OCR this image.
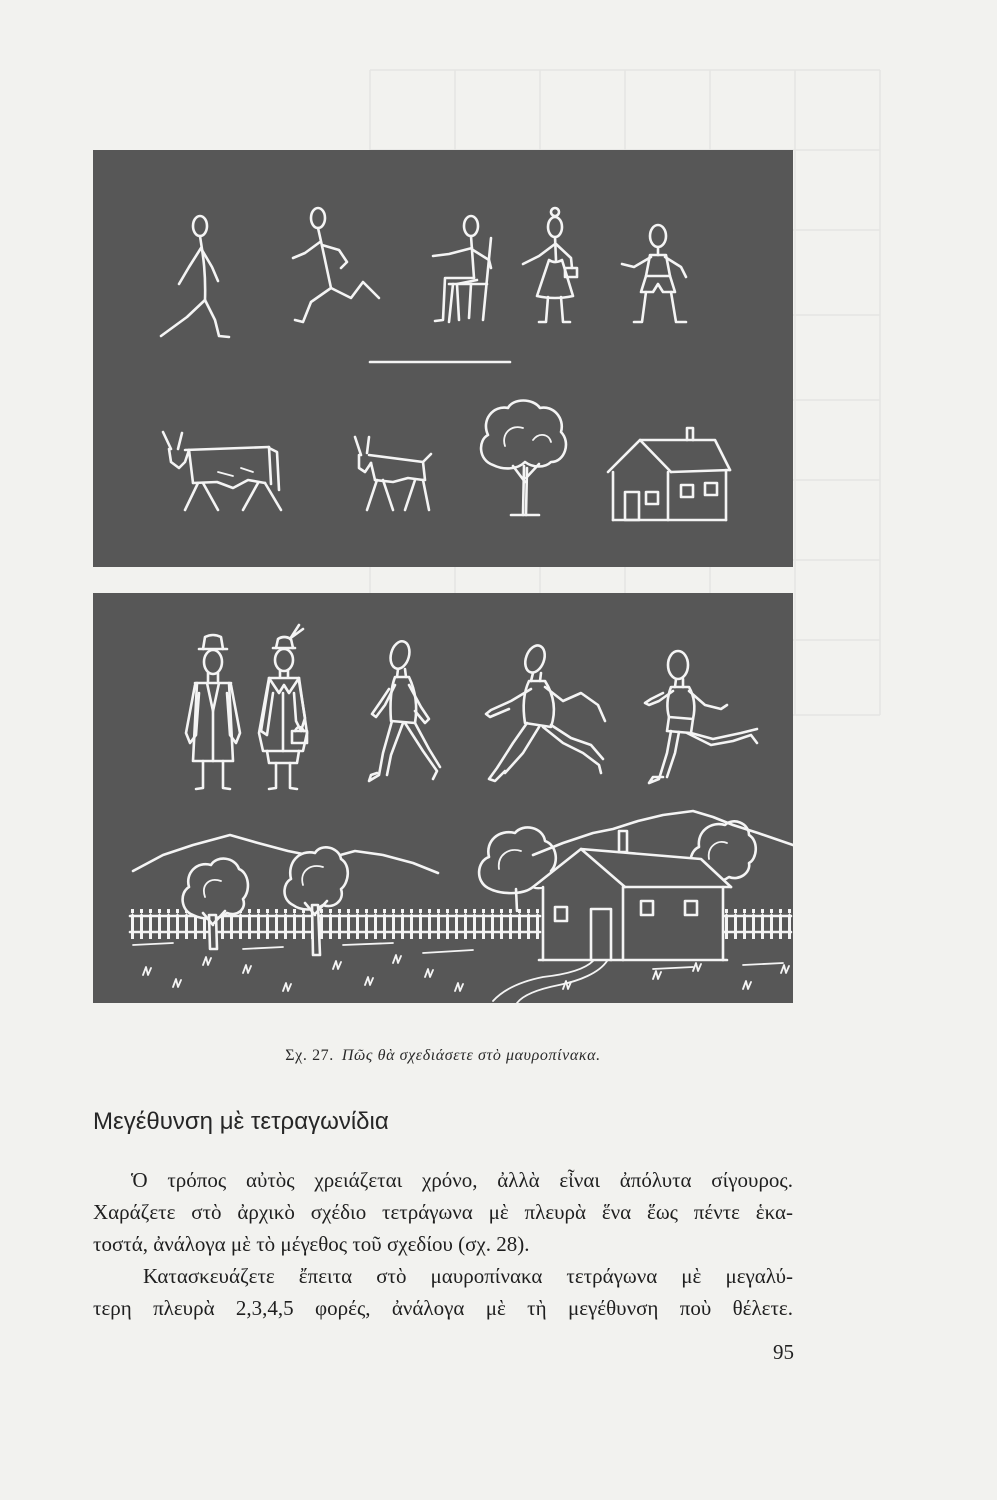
Σχ. 27. Πῶς θὰ σχεδιάσετε στὸ μαυροπίνακα.
Μεγέθυνση μὲ τετραγωνίδια
Ὁ τρόπος αὐτὸς χρειάζεται χρόνο, ἀλλὰ εἶναι ἀπόλυτα σίγουρος.
Χαράζετε στὸ ἀρχικὸ σχέδιο τετράγωνα μὲ πλευρὰ ἕνα ἕως πέντε ἑκα-
τοστά, ἀνάλογα μὲ τὸ μέγεθος τοῦ σχεδίου (σχ. 28).
Κατασκευάζετε ἔπειτα στὸ μαυροπίνακα τετράγωνα μὲ μεγαλύ-
τερη πλευρὰ 2,3,4,5 φορές, ἀνάλογα μὲ τὴ μεγέθυνση ποὺ θέλετε.
95
